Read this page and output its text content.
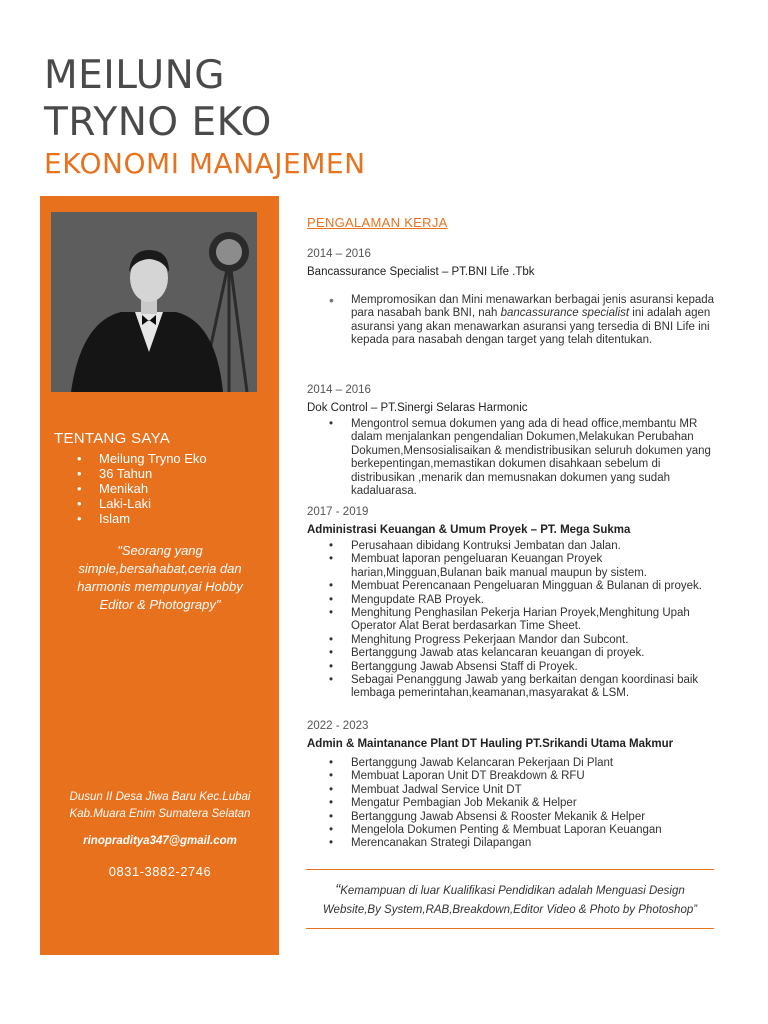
MEILUNG
TRYNO EKO
EKONOMI MANAJEMEN
TENTANG SAYA
• Meilung Tryno Eko
• 36 Tahun
• Menikah
• Laki-Laki
• Islam
"Seorang yang
simple,bersahabat,ceria dan
harmonis mempunyai Hobby
Editor & Photograpy"
Dusun II Desa Jiwa Baru Kec.Lubai
Kab.Muara Enim Sumatera Selatan
rinopraditya347@gmail.com
0831-3882-2746
PENGALAMAN KERJA
2014 – 2016
Bancassurance Specialist – PT.BNI Life .Tbk
• Mempromosikan dan Mini menawarkan berbagai jenis asuransi kepada para nasabah bank BNI, nah bancassurance specialist ini adalah agen asuransi yang akan menawarkan asuransi yang tersedia di BNI Life ini kepada para nasabah dengan target yang telah ditentukan.
2014 – 2016
Dok Control – PT.Sinergi Selaras Harmonic
• Mengontrol semua dokumen yang ada di head office,membantu MR dalam menjalankan pengendalian Dokumen,Melakukan Perubahan Dokumen,Mensosialisaikan & mendistribusikan seluruh dokumen yang berkepentingan,memastikan dokumen disahkaan sebelum di distribusikan ,menarik dan memusnakan dokumen yang sudah kadaluarasa.
2017 - 2019
Administrasi Keuangan & Umum Proyek – PT. Mega Sukma
• Perusahaan dibidang Kontruksi Jembatan dan Jalan.
• Membuat laporan pengeluaran Keuangan Proyek harian,Mingguan,Bulanan baik manual maupun by sistem.
• Membuat Perencanaan Pengeluaran Mingguan & Bulanan di proyek.
• Mengupdate RAB Proyek.
• Menghitung Penghasilan Pekerja Harian Proyek,Menghitung Upah Operator Alat Berat berdasarkan Time Sheet.
• Menghitung Progress Pekerjaan Mandor dan Subcont.
• Bertanggung Jawab atas kelancaran keuangan di proyek.
• Bertanggung Jawab Absensi Staff di Proyek.
• Sebagai Penanggung Jawab yang berkaitan dengan koordinasi baik lembaga pemerintahan,keamanan,masyarakat & LSM.
2022 - 2023
Admin & Maintanance Plant DT Hauling PT.Srikandi Utama Makmur
• Bertanggung Jawab Kelancaran Pekerjaan Di Plant
• Membuat Laporan Unit DT Breakdown & RFU
• Membuat Jadwal Service Unit DT
• Mengatur Pembagian Job Mekanik & Helper
• Bertanggung Jawab Absensi & Rooster Mekanik & Helper
• Mengelola Dokumen Penting & Membuat Laporan Keuangan
• Merencanakan Strategi Dilapangan
“Kemampuan di luar Kualifikasi Pendidikan adalah Menguasi Design
Website,By System,RAB,Breakdown,Editor Video & Photo by Photoshop”
